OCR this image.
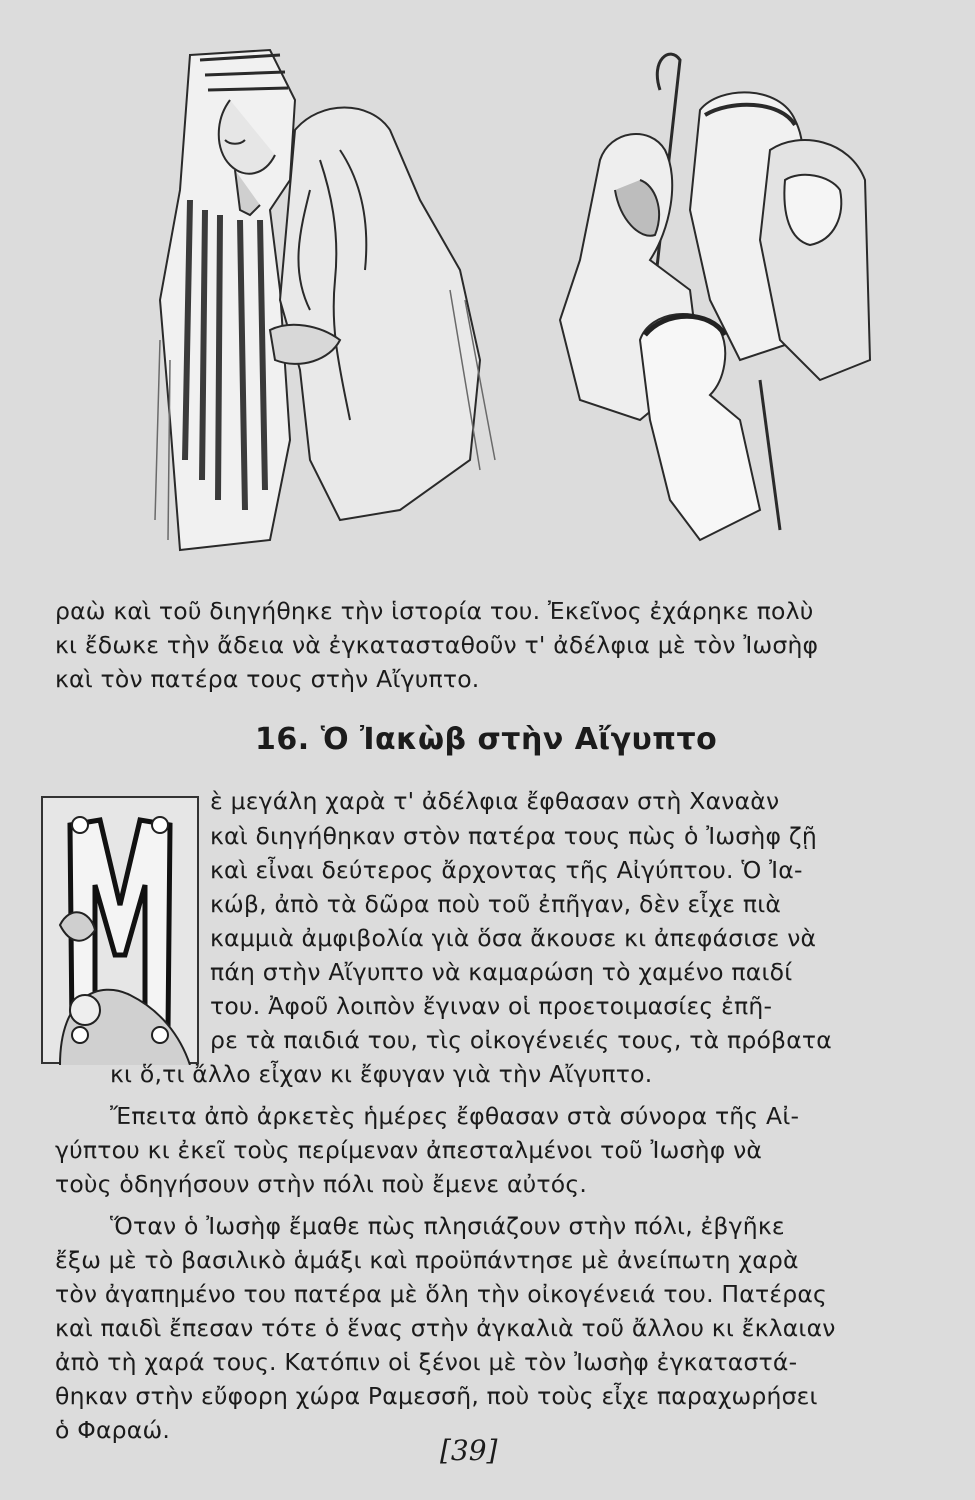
ραὼ καὶ τοῦ διηγήθηκε τὴν ἱστορία του. Ἐκεῖνος ἐχάρηκε πολὺ
κι ἔδωκε τὴν ἄδεια νὰ ἐγκατασταθοῦν τ' ἀδέλφια μὲ τὸν Ἰωσὴφ
καὶ τὸν πατέρα τους στὴν Αἴγυπτο.
16. Ὁ Ἰακὼβ στὴν Αἴγυπτο
ὲ μεγάλη χαρὰ τ' ἀδέλφια ἔφθασαν στὴ Χαναὰν
καὶ διηγήθηκαν στὸν πατέρα τους πὼς ὁ Ἰωσὴφ ζῇ
καὶ εἶναι δεύτερος ἄρχοντας τῆς Αἰγύπτου. Ὁ Ἰα-
κώβ, ἀπὸ τὰ δῶρα ποὺ τοῦ ἐπῆγαν, δὲν εἶχε πιὰ
καμμιὰ ἀμφιβολία γιὰ ὅσα ἄκουσε κι ἀπεφάσισε νὰ
πάη στὴν Αἴγυπτο νὰ καμαρώση τὸ χαμένο παιδί
του. Ἀφοῦ λοιπὸν ἔγιναν οἱ προετοιμασίες ἐπῆ-
ρε τὰ παιδιά του, τὶς οἰκογένειές τους, τὰ πρόβατα
κι ὅ,τι ἄλλο εἶχαν κι ἔφυγαν γιὰ τὴν Αἴγυπτο.
Ἔπειτα ἀπὸ ἀρκετὲς ἡμέρες ἔφθασαν στὰ σύνορα τῆς Αἰ-
γύπτου κι ἐκεῖ τοὺς περίμεναν ἀπεσταλμένοι τοῦ Ἰωσὴφ νὰ
τοὺς ὁδηγήσουν στὴν πόλι ποὺ ἔμενε αὐτός.
Ὅταν ὁ Ἰωσὴφ ἔμαθε πὼς πλησιάζουν στὴν πόλι, ἐβγῆκε
ἔξω μὲ τὸ βασιλικὸ ἁμάξι καὶ προϋπάντησε μὲ ἀνείπωτη χαρὰ
τὸν ἀγαπημένο του πατέρα μὲ ὅλη τὴν οἰκογένειά του. Πατέρας
καὶ παιδὶ ἔπεσαν τότε ὁ ἕνας στὴν ἀγκαλιὰ τοῦ ἄλλου κι ἔκλαιαν
ἀπὸ τὴ χαρά τους. Κατόπιν οἱ ξένοι μὲ τὸν Ἰωσὴφ ἐγκαταστά-
θηκαν στὴν εὔφορη χώρα Ραμεσσῆ, ποὺ τοὺς εἶχε παραχωρήσει
ὁ Φαραώ.
[39]
